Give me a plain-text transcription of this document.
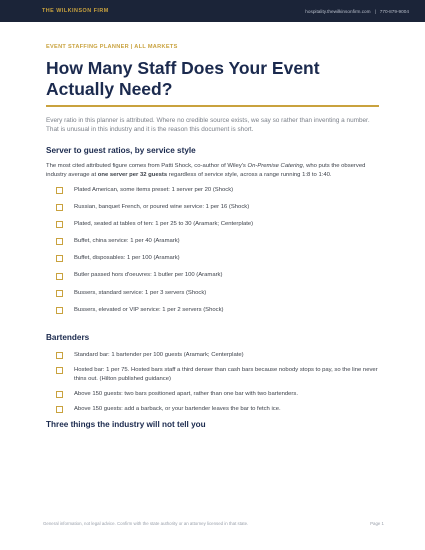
THE WILKINSON FIRM	hospitality.thewilkinsonfirm.com | 770-879-9004
EVENT STAFFING PLANNER | ALL MARKETS
How Many Staff Does Your Event Actually Need?
Every ratio in this planner is attributed. Where no credible source exists, we say so rather than inventing a number. That is unusual in this industry and it is the reason this document is short.
Server to guest ratios, by service style
The most cited attributed figure comes from Patti Shock, co-author of Wiley's On-Premise Catering, who puts the observed industry average at one server per 32 guests regardless of service style, across a range running 1:8 to 1:40.
Plated American, some items preset: 1 server per 20 (Shock)
Russian, banquet French, or poured wine service: 1 per 16 (Shock)
Plated, seated at tables of ten: 1 per 25 to 30 (Aramark; Centerplate)
Buffet, china service: 1 per 40 (Aramark)
Buffet, disposables: 1 per 100 (Aramark)
Butler passed hors d'oeuvres: 1 butler per 100 (Aramark)
Bussers, standard service: 1 per 3 servers (Shock)
Bussers, elevated or VIP service: 1 per 2 servers (Shock)
Bartenders
Standard bar: 1 bartender per 100 guests (Aramark; Centerplate)
Hosted bar: 1 per 75. Hosted bars staff a third denser than cash bars because nobody stops to pay, so the line never thins out. (Hilton published guidance)
Above 150 guests: two bars positioned apart, rather than one bar with two bartenders.
Above 150 guests: add a barback, or your bartender leaves the bar to fetch ice.
Three things the industry will not tell you
General information, not legal advice. Confirm with the state authority or an attorney licensed in that state.	Page 1
